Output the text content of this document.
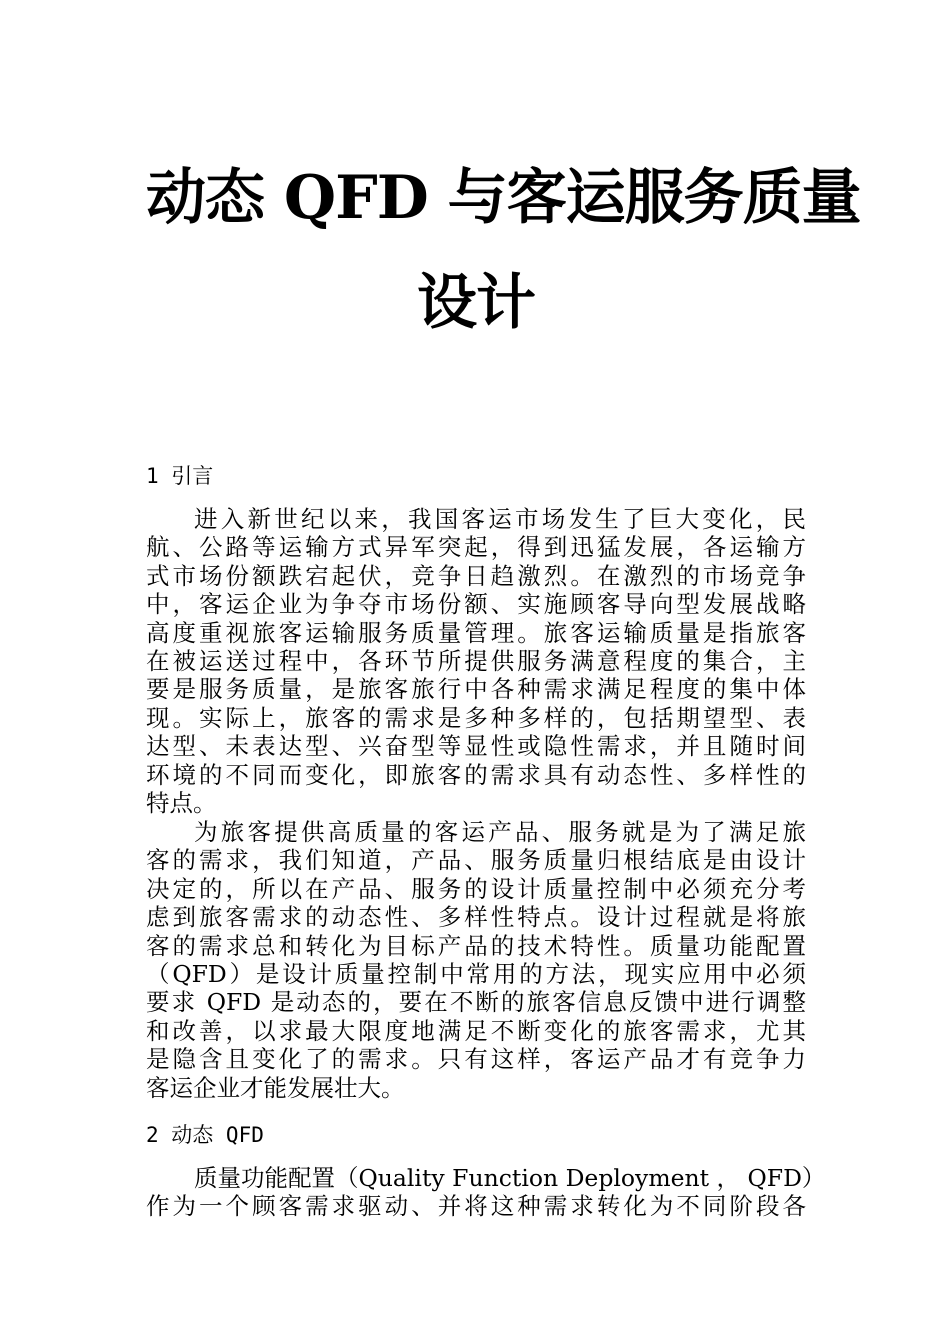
动态 QFD 与客运服务质量
设计
1 引言
进入新世纪以来，我国客运市场发生了巨大变化，民
航、公路等运输方式异军突起，得到迅猛发展，各运输方
式市场份额跌宕起伏，竞争日趋激烈。在激烈的市场竞争
中，客运企业为争夺市场份额、实施顾客导向型发展战略
高度重视旅客运输服务质量管理。旅客运输质量是指旅客
在被运送过程中，各环节所提供服务满意程度的集合，主
要是服务质量，是旅客旅行中各种需求满足程度的集中体
现。实际上，旅客的需求是多种多样的，包括期望型、表
达型、未表达型、兴奋型等显性或隐性需求，并且随时间
环境的不同而变化，即旅客的需求具有动态性、多样性的
特点。
为旅客提供高质量的客运产品、服务就是为了满足旅
客的需求，我们知道，产品、服务质量归根结底是由设计
决定的，所以在产品、服务的设计质量控制中必须充分考
虑到旅客需求的动态性、多样性特点。设计过程就是将旅
客的需求总和转化为目标产品的技术特性。质量功能配置
（QFD）是设计质量控制中常用的方法，现实应用中必须
要求 QFD 是动态的，要在不断的旅客信息反馈中进行调整
和改善，以求最大限度地满足不断变化的旅客需求，尤其
是隐含且变化了的需求。只有这样，客运产品才有竞争力
客运企业才能发展壮大。
2 动态 QFD
质量功能配置（Quality Function Deployment ， QFD）
作为一个顾客需求驱动、并将这种需求转化为不同阶段各
